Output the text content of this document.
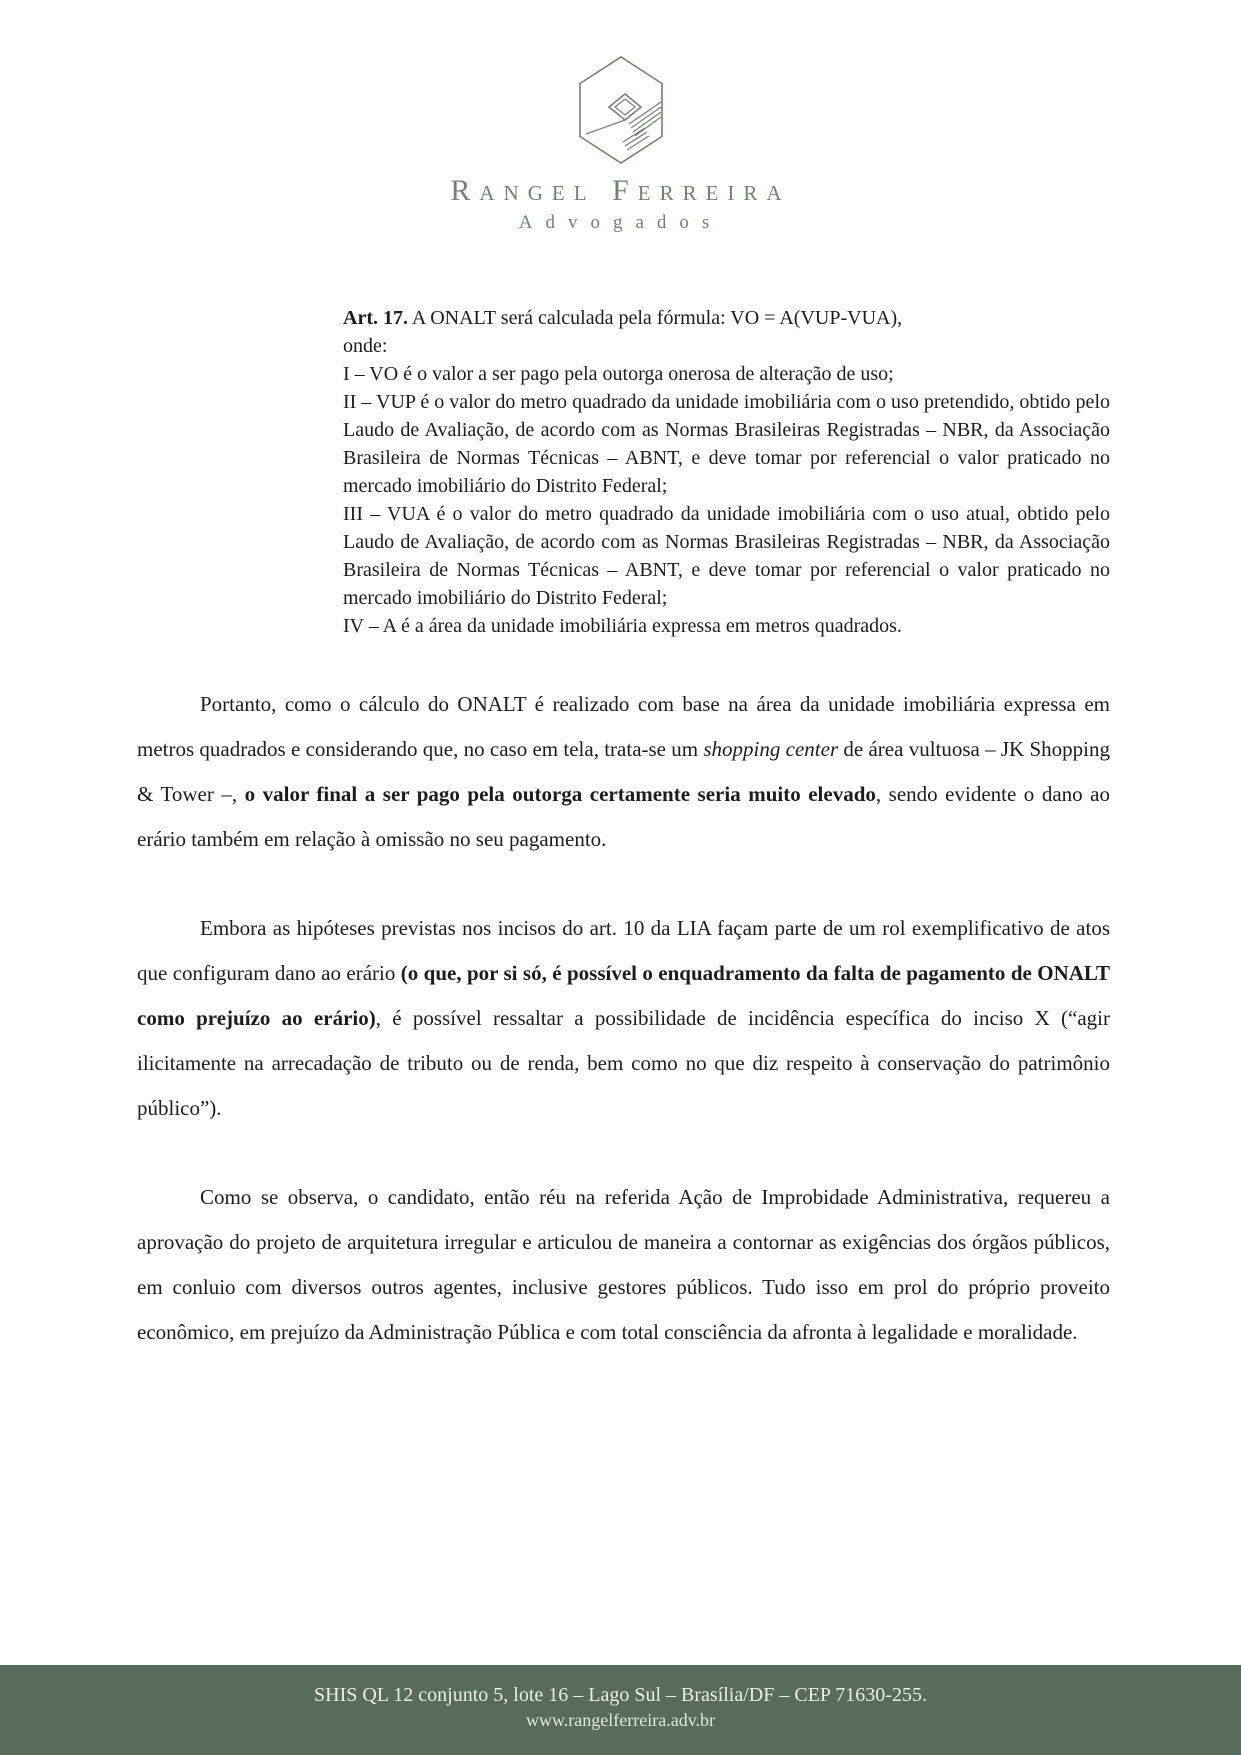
Rangel Ferreira
Advogados
Art. 17. A ONALT será calculada pela fórmula: VO = A(VUP-VUA),
onde:
I – VO é o valor a ser pago pela outorga onerosa de alteração de uso;
II – VUP é o valor do metro quadrado da unidade imobiliária com o uso pretendido, obtido pelo Laudo de Avaliação, de acordo com as Normas Brasileiras Registradas – NBR, da Associação Brasileira de Normas Técnicas – ABNT, e deve tomar por referencial o valor praticado no mercado imobiliário do Distrito Federal;
III – VUA é o valor do metro quadrado da unidade imobiliária com o uso atual, obtido pelo Laudo de Avaliação, de acordo com as Normas Brasileiras Registradas – NBR, da Associação Brasileira de Normas Técnicas – ABNT, e deve tomar por referencial o valor praticado no mercado imobiliário do Distrito Federal;
IV – A é a área da unidade imobiliária expressa em metros quadrados.

Portanto, como o cálculo do ONALT é realizado com base na área da unidade imobiliária expressa em metros quadrados e considerando que, no caso em tela, trata-se um shopping center de área vultuosa – JK Shopping & Tower –, o valor final a ser pago pela outorga certamente seria muito elevado, sendo evidente o dano ao erário também em relação à omissão no seu pagamento.

Embora as hipóteses previstas nos incisos do art. 10 da LIA façam parte de um rol exemplificativo de atos que configuram dano ao erário (o que, por si só, é possível o enquadramento da falta de pagamento de ONALT como prejuízo ao erário), é possível ressaltar a possibilidade de incidência específica do inciso X (“agir ilicitamente na arrecadação de tributo ou de renda, bem como no que diz respeito à conservação do patrimônio público”).

Como se observa, o candidato, então réu na referida Ação de Improbidade Administrativa, requereu a aprovação do projeto de arquitetura irregular e articulou de maneira a contornar as exigências dos órgãos públicos, em conluio com diversos outros agentes, inclusive gestores públicos. Tudo isso em prol do próprio proveito econômico, em prejuízo da Administração Pública e com total consciência da afronta à legalidade e moralidade.

SHIS QL 12 conjunto 5, lote 16 – Lago Sul – Brasília/DF – CEP 71630-255.
www.rangelferreira.adv.br
